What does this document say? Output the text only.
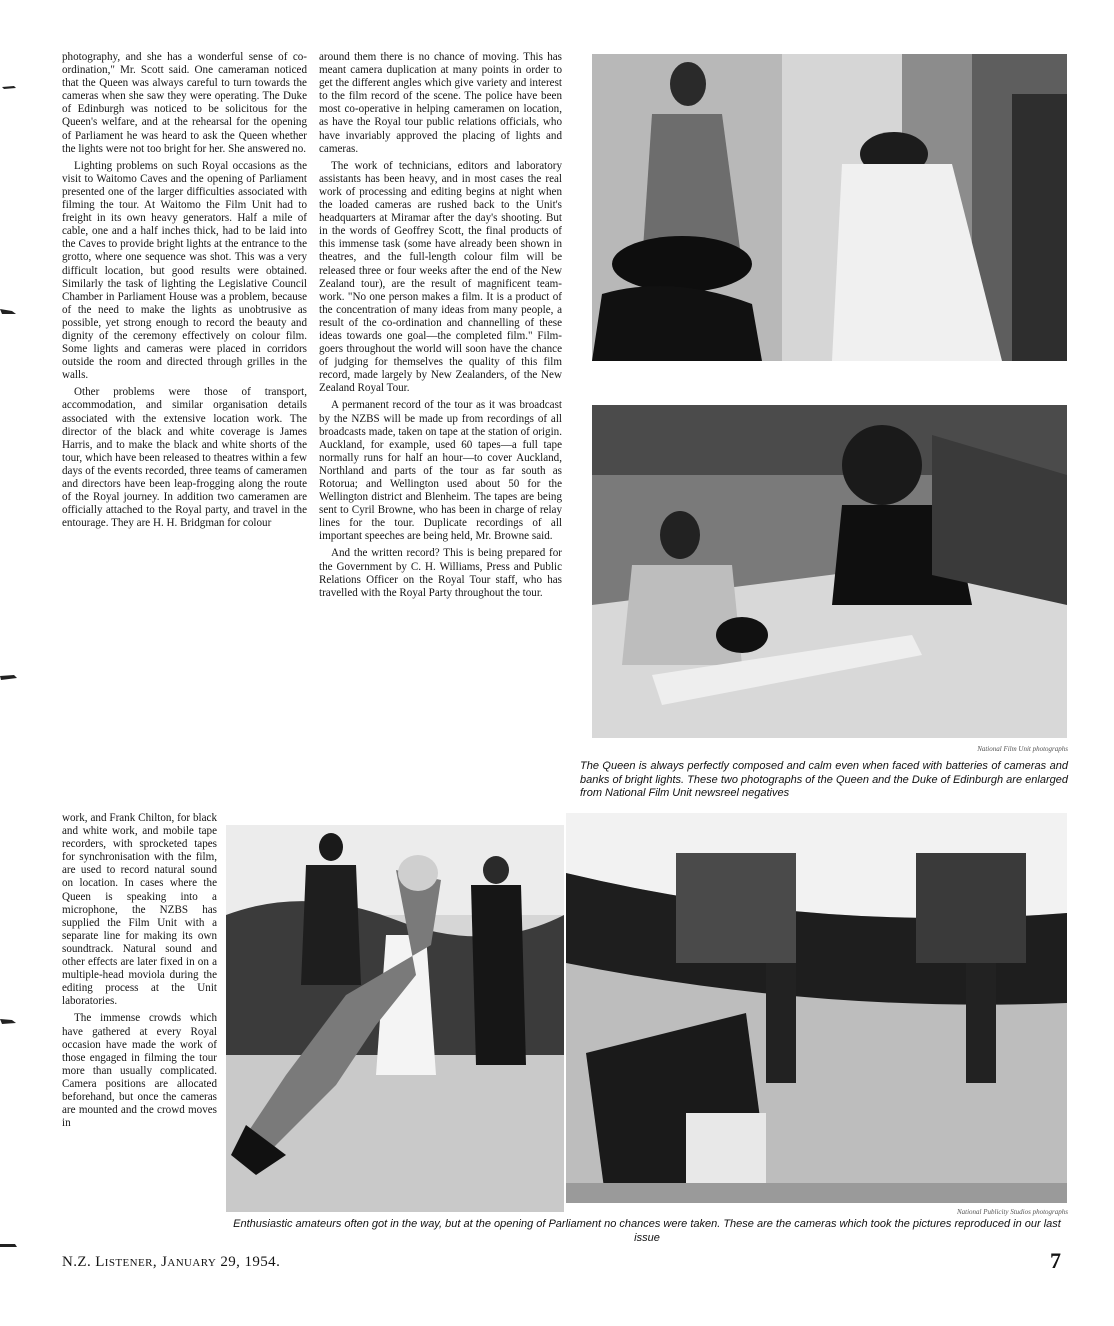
photography, and she has a wonderful sense of co-ordination," Mr. Scott said. One cameraman noticed that the Queen was always careful to turn towards the cameras when she saw they were operating. The Duke of Edinburgh was noticed to be solicitous for the Queen's welfare, and at the rehearsal for the opening of Parliament he was heard to ask the Queen whether the lights were not too bright for her. She answered no.

Lighting problems on such Royal occasions as the visit to Waitomo Caves and the opening of Parliament presented one of the larger difficulties associated with filming the tour. At Waitomo the Film Unit had to freight in its own heavy generators. Half a mile of cable, one and a half inches thick, had to be laid into the Caves to provide bright lights at the entrance to the grotto, where one sequence was shot. This was a very difficult location, but good results were obtained. Similarly the task of lighting the Legislative Council Chamber in Parliament House was a problem, because of the need to make the lights as unobtrusive as possible, yet strong enough to record the beauty and dignity of the ceremony effectively on colour film. Some lights and cameras were placed in corridors outside the room and directed through grilles in the walls.

Other problems were those of transport, accommodation, and similar organisation details associated with the extensive location work. The director of the black and white coverage is James Harris, and to make the black and white shorts of the tour, which have been released to theatres within a few days of the events recorded, three teams of cameramen and directors have been leap-frogging along the route of the Royal journey. In addition two cameramen are officially attached to the Royal party, and travel in the entourage. They are H. H. Bridgman for colour

work, and Frank Chilton, for black and white work, and mobile tape recorders, with sprocketed tapes for synchronisation with the film, are used to record natural sound on location. In cases where the Queen is speaking into a microphone, the NZBS has supplied the Film Unit with a separate line for making its own soundtrack. Natural sound and other effects are later fixed in on a multiple-head moviola during the editing process at the Unit laboratories.

The immense crowds which have gathered at every Royal occasion have made the work of those engaged in filming the tour more than usually complicated. Camera positions are allocated beforehand, but once the cameras are mounted and the crowd moves in

around them there is no chance of moving. This has meant camera duplication at many points in order to get the different angles which give variety and interest to the film record of the scene. The police have been most co-operative in helping cameramen on location, as have the Royal tour public relations officials, who have invariably approved the placing of lights and cameras.

The work of technicians, editors and laboratory assistants has been heavy, and in most cases the real work of processing and editing begins at night when the loaded cameras are rushed back to the Unit's headquarters at Miramar after the day's shooting. But in the words of Geoffrey Scott, the final products of this immense task (some have already been shown in theatres, and the full-length colour film will be released three or four weeks after the end of the New Zealand tour), are the result of magnificent team-work. "No one person makes a film. It is a product of the concentration of many ideas from many people, a result of the co-ordination and channelling of these ideas towards one goal—the completed film." Film-goers throughout the world will soon have the chance of judging for themselves the quality of this film record, made largely by New Zealanders, of the New Zealand Royal Tour.

A permanent record of the tour as it was broadcast by the NZBS will be made up from recordings of all broadcasts made, taken on tape at the station of origin. Auckland, for example, used 60 tapes—a full tape normally runs for half an hour—to cover Auckland, Northland and parts of the tour as far south as Rotorua; and Wellington used about 50 for the Wellington district and Blenheim. The tapes are being sent to Cyril Browne, who has been in charge of relay lines for the tour. Duplicate recordings of all important speeches are being held, Mr. Browne said.

And the written record? This is being prepared for the Government by C. H. Williams, Press and Public Relations Officer on the Royal Tour staff, who has travelled with the Royal Party throughout the tour.

National Film Unit photographs
The Queen is always perfectly composed and calm even when faced with batteries of cameras and banks of bright lights. These two photographs of the Queen and the Duke of Edinburgh are enlarged from National Film Unit newsreel negatives
National Publicity Studios photographs
Enthusiastic amateurs often got in the way, but at the opening of Parliament no chances were taken. These are the cameras which took the pictures reproduced in our last issue
N.Z. Listener, January 29, 1954.	7
